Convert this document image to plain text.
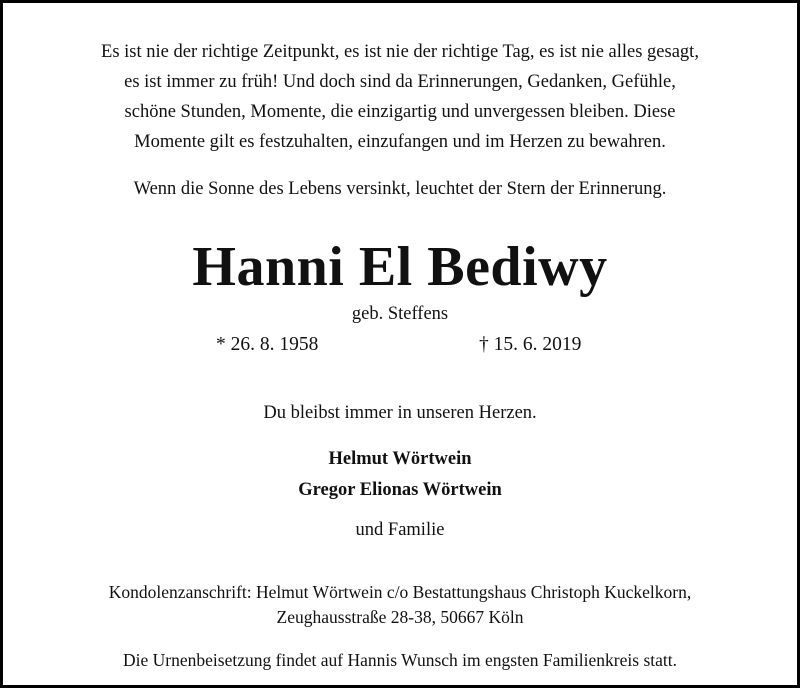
Es ist nie der richtige Zeitpunkt, es ist nie der richtige Tag, es ist nie alles gesagt,
es ist immer zu früh! Und doch sind da Erinnerungen, Gedanken, Gefühle,
schöne Stunden, Momente, die einzigartig und unvergessen bleiben. Diese
Momente gilt es festzuhalten, einzufangen und im Herzen zu bewahren.
Wenn die Sonne des Lebens versinkt, leuchtet der Stern der Erinnerung.
Hanni El Bediwy
geb. Steffens
* 26. 8. 1958	† 15. 6. 2019
Du bleibst immer in unseren Herzen.
Helmut Wörtwein
Gregor Elionas Wörtwein
und Familie
Kondolenzanschrift: Helmut Wörtwein c/o Bestattungshaus Christoph Kuckelkorn,
Zeughausstraße 28-38, 50667 Köln
Die Urnenbeisetzung findet auf Hannis Wunsch im engsten Familienkreis statt.
